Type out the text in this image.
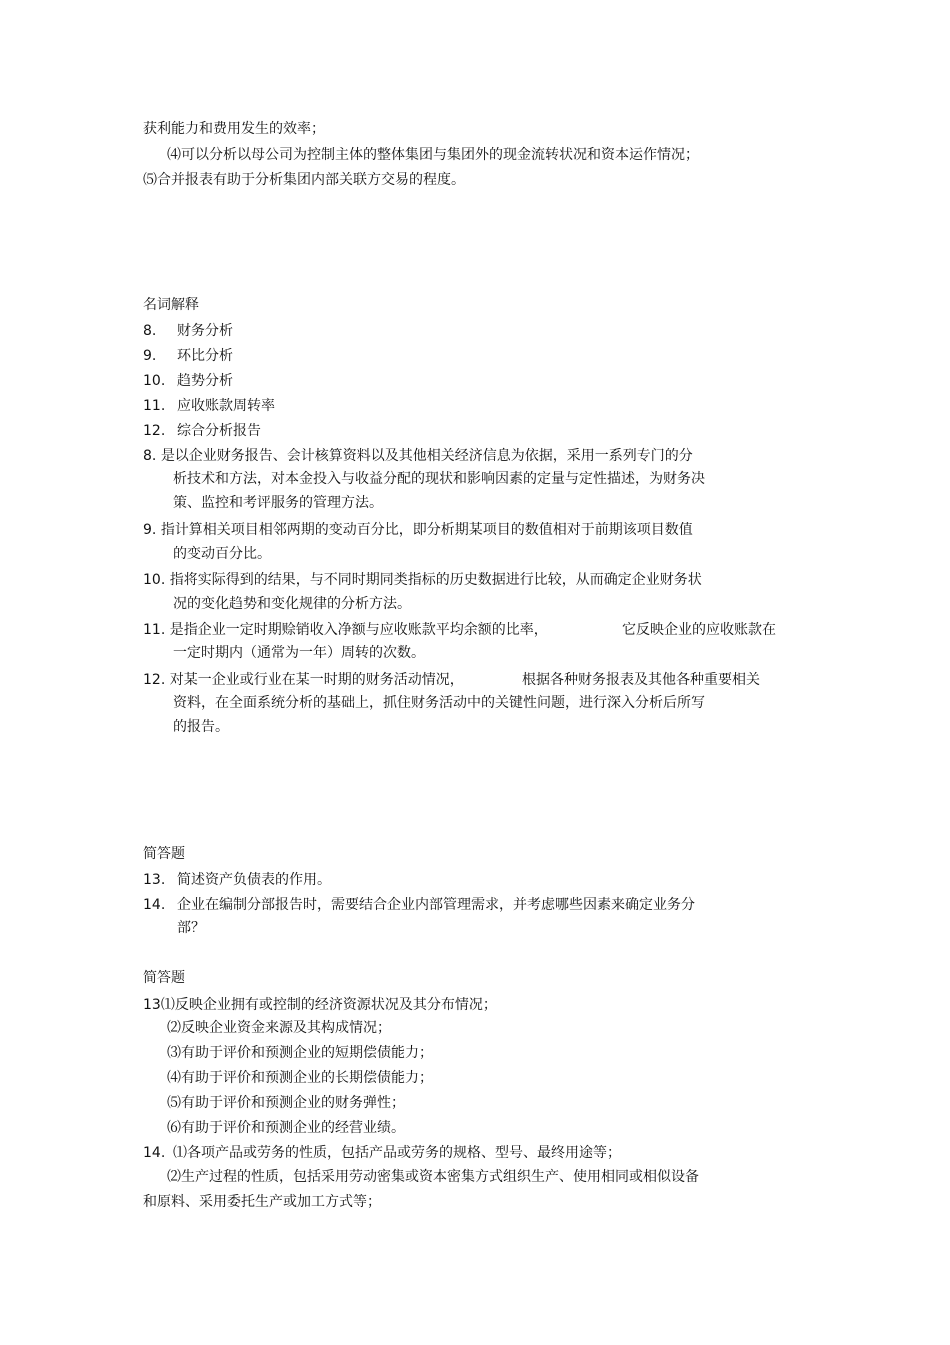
获利能力和费用发生的效率；

⑷可以分析以母公司为控制主体的整体集团与集团外的现金流转状况和资本运作情况；

⑸合并报表有助于分析集团内部关联方交易的程度。

名词解释

8. 财务分析

9. 环比分析

10. 趋势分析

11. 应收账款周转率

12. 综合分析报告

8. 是以企业财务报告、会计核算资料以及其他相关经济信息为依据，采用一系列专门的分

析技术和方法，对本金投入与收益分配的现状和影响因素的定量与定性描述，为财务决

策、监控和考评服务的管理方法。

9. 指计算相关项目相邻两期的变动百分比，即分析期某项目的数值相对于前期该项目数值

的变动百分比。

10. 指将实际得到的结果，与不同时期同类指标的历史数据进行比较，从而确定企业财务状

况的变化趋势和变化规律的分析方法。

11. 是指企业一定时期赊销收入净额与应收账款平均余额的比率，	它反映企业的应收账款在

一定时期内（通常为一年）周转的次数。

12. 对某一企业或行业在某一时期的财务活动情况，	根据各种财务报表及其他各种重要相关

资料，在全面系统分析的基础上，抓住财务活动中的关键性问题，进行深入分析后所写

的报告。

简答题

13. 简述资产负债表的作用。

14. 企业在编制分部报告时，需要结合企业内部管理需求，并考虑哪些因素来确定业务分

部？

简答题

13⑴反映企业拥有或控制的经济资源状况及其分布情况；

⑵反映企业资金来源及其构成情况；

⑶有助于评价和预测企业的短期偿债能力；

⑷有助于评价和预测企业的长期偿债能力；

⑸有助于评价和预测企业的财务弹性；

⑹有助于评价和预测企业的经营业绩。

14. ⑴各项产品或劳务的性质，包括产品或劳务的规格、型号、最终用途等；

⑵生产过程的性质，包括采用劳动密集或资本密集方式组织生产、使用相同或相似设备

和原料、采用委托生产或加工方式等；
